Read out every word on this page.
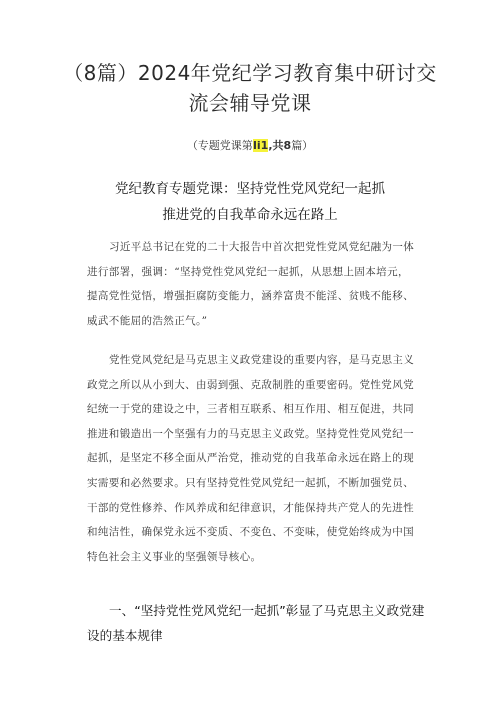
（8篇）2024年党纪学习教育集中研讨交
流会辅导党课
（专题党课第Ii1,共8篇）
党纪教育专题党课：坚持党性党风党纪一起抓
推进党的自我革命永远在路上
习近平总书记在党的二十大报告中首次把党性党风党纪融为一体
进行部署，强调：“坚持党性党风党纪一起抓，从思想上固本培元，
提高党性觉悟，增强拒腐防变能力，涵养富贵不能淫、贫贱不能移、
威武不能屈的浩然正气。”
党性党风党纪是马克思主义政党建设的重要内容，是马克思主义
政党之所以从小到大、由弱到强、克敌制胜的重要密码。党性党风党
纪统一于党的建设之中，三者相互联系、相互作用、相互促进，共同
推进和锻造出一个坚强有力的马克思主义政党。坚持党性党风党纪一
起抓，是坚定不移全面从严治党，推动党的自我革命永远在路上的现
实需要和必然要求。只有坚持党性党风党纪一起抓，不断加强党员、
干部的党性修养、作风养成和纪律意识，才能保持共产党人的先进性
和纯洁性，确保党永远不变质、不变色、不变味，使党始终成为中国
特色社会主义事业的坚强领导核心。
一、“坚持党性党风党纪一起抓”彰显了马克思主义政党建
设的基本规律
